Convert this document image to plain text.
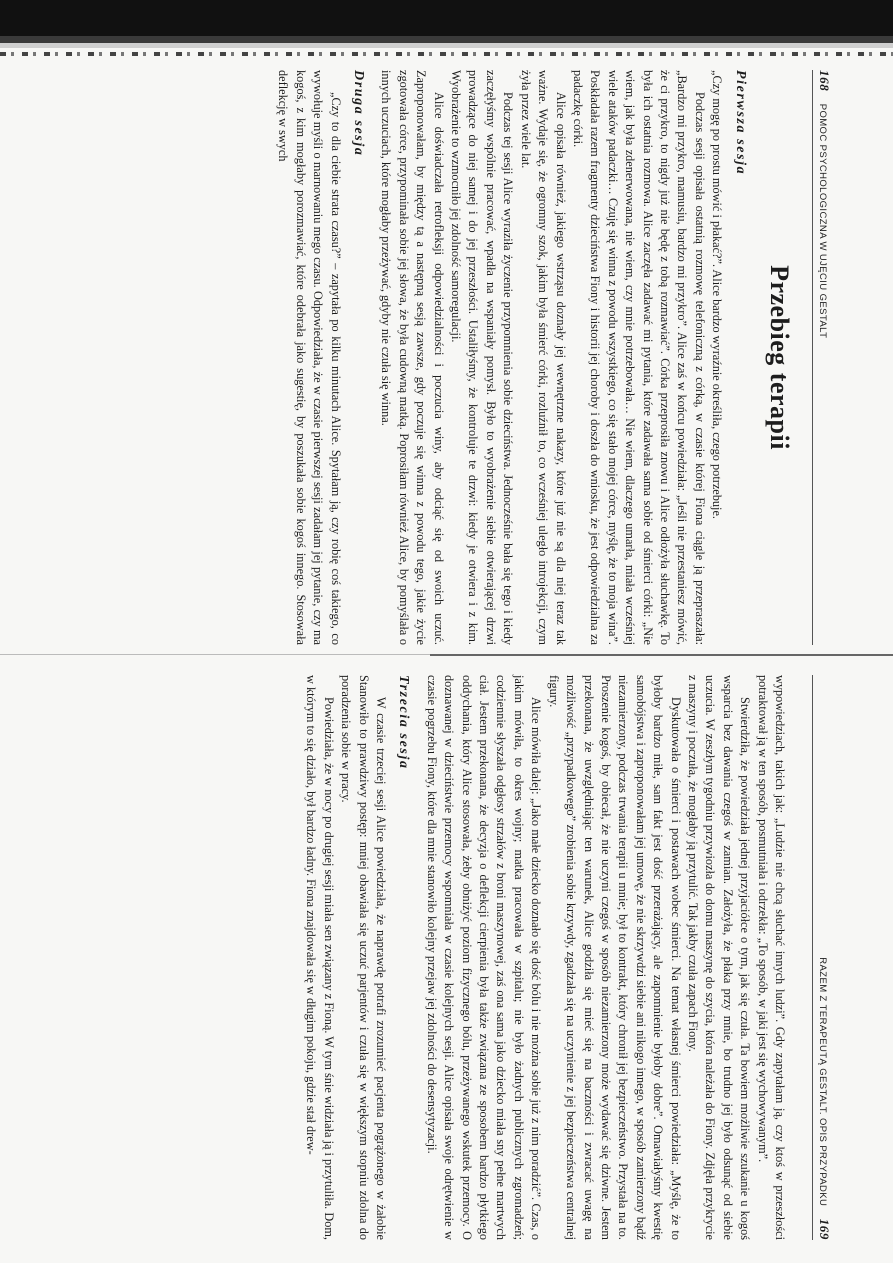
168    POMOC PSYCHOLOGICZNA W UJĘCIU GESTALT
Przebieg terapii
Pierwsza sesja

„Czy mogę po prostu mówić i płakać?”. Alice bardzo wyraźnie określiła, czego potrzebuje.

Podczas sesji opisała ostatnią rozmowę telefoniczną z córką, w czasie której Fiona ciągle ją przepraszała: „Bardzo mi przykro, mamusiu, bardzo mi przykro”. Alice zaś w końcu powiedziała: „Jeśli nie przestaniesz mówić, że ci przykro, to nigdy już nie będę z tobą rozmawiać”. Córka przeprosiła znowu i Alice odłożyła słuchawkę. To była ich ostatnia rozmowa. Alice zaczęła zadawać mi pytania, które zadawała sama sobie od śmierci córki: „Nie wiem, jak była zdenerwowana, nie wiem, czy mnie potrzebowała… Nie wiem, dlaczego umarła, miała wcześniej wiele ataków padaczki… Czuję się winna z powodu wszystkiego, co się stało mojej córce, myślę, że to moja wina”. Poskładała razem fragmenty dzieciństwa Fiony i historii jej choroby i doszła do wniosku, że jest odpowiedzialna za padaczkę córki.

Alice opisała również, jakiego wstrząsu doznały jej wewnętrzne nakazy, które już nie są dla niej teraz tak ważne. Wydaje się, że ogromny szok, jakim była śmierć córki, rozluźnił to, co wcześniej uległo introjekcji, czym żyła przez wiele lat.

Podczas tej sesji Alice wyraziła życzenie przypomnienia sobie dzieciństwa. Jednocześnie bała się tego i kiedy zaczęłyśmy wspólnie pracować, wpadła na wspaniały pomysł. Było to wyobrażenie siebie otwierającej drzwi prowadzące do niej samej i do jej przeszłości. Ustaliłyśmy, że kontroluje te drzwi: kiedy je otwiera i z kim. Wyobrażenie to wzmocniło jej zdolność samoregulacji.

Alice doświadczała retrofleksji odpowiedzialności i poczucia winy, aby odciąć się od swoich uczuć. Zaproponowałam, by między tą a następną sesją zawsze, gdy poczuje się winna z powodu tego, jakie życie zgotowała córce, przypominała sobie jej słowa, że była cudowną matką. Poprosiłam również Alice, by pomyślała o innych uczuciach, które mogłaby przeżywać, gdyby nie czuła się winna.

Druga sesja

„Czy to dla ciebie strata czasu?” – zapytała po kilku minutach Alice. Spytałam ją, czy robię coś takiego, co wywołuje myśli o marnowaniu mego czasu. Odpowiedziała, że w czasie pierwszej sesji zadałam jej pytanie, czy ma kogoś, z kim mogłaby porozmawiać, które odebrała jako sugestię, by poszukała sobie kogoś innego. Stosowała deflekcję w swych

RAZEM Z TERAPEUTĄ GESTALT. OPIS PRZYPADKU    169

wypowiedziach, takich jak: „Ludzie nie chcą słuchać innych ludzi”. Gdy zapytałam ją, czy ktoś w przeszłości potraktował ją w ten sposób, posmutniała i odrzekła: „To sposób, w jaki jest się wychowywanym”.

Stwierdziła, że powiedziała jednej przyjaciółce o tym, jak się czuła. Ta bowiem możliwie szukanie u kogoś wsparcia bez dawania czegoś w zamian. Założyła, że płaka przy mnie, bo trudno jej było odsunąć od siebie uczucia. W zeszłym tygodniu przywiozła do domu maszynę do szycia, która należała do Fiony. Zdjęła przykrycie z maszyny i poczuła, że mogłaby ją przytulić. Tak jakby czuła zapach Fiony.

Dyskutowała o śmierci i postawach wobec śmierci. Na temat własnej śmierci powiedziała: „Myślę, że to byłoby bardzo miłe, sam fakt jest dość przerażający, ale zapomnienie byłoby dobre”. Omawiałyśmy kwestię samobójstwa i zaproponowałam jej umowę, że nie skrzywdzi siebie ani nikogo innego, w sposób zamierzony bądź niezamierzony, podczas trwania terapii u mnie; był to kontrakt, który chronił jej bezpieczeństwo. Przystała na to. Proszenie kogoś, by obiecał, że nie uczyni czegoś w sposób niezamierzony może wydawać się dziwne. Jestem przekonana, że uwzględniając ten warunek, Alice godziła się mieć się na baczności i zwracać uwagę na możliwość „przypadkowego” zrobienia sobie krzywdy, zgadzała się na uczynienie z jej bezpieczeństwa centralnej figury.

Alice mówiła dalej: „Jako małe dziecko doznało się dość bólu i nie można sobie już z nim poradzić”. Czas, o jakim mówiła, to okres wojny; matka pracowała w szpitalu; nie było żadnych publicznych zgromadzeń; codziennie słyszała odgłosy strzałów z broni maszynowej, zaś ona sama jako dziecko miała sny pełne martwych ciał. Jestem przekonana, że decyzja o deflekcji cierpienia była także związana ze sposobem bardzo płytkiego oddychania, który Alice stosowała, żeby obniżyć poziom fizycznego bólu, przeżywanego wskutek przemocy. O doznawanej w dzieciństwie przemocy wspomniała w czasie kolejnych sesji. Alice opisała swoje odrętwienie w czasie pogrzebu Fiony, które dla mnie stanowiło kolejny przejaw jej zdolności do desensytyzacji.

Trzecia sesja

W czasie trzeciej sesji Alice powiedziała, że naprawdę potrafi zrozumieć pacjenta pogrążonego w żałobie Stanowiło to prawdziwy postęp: mniej obawiała się uczuć parjentów i czuła się w większym stopniu zdolna do poradzenia sobie w pracy.

Powiedziała, że w nocy po drugiej sesji miała sen związany z Fioną. W tym śnie widziała ją i przytuliła. Dom, w którym to się działo, był bardzo ładny. Fiona znajdowała się w długim pokoju, gdzie stał drew-
